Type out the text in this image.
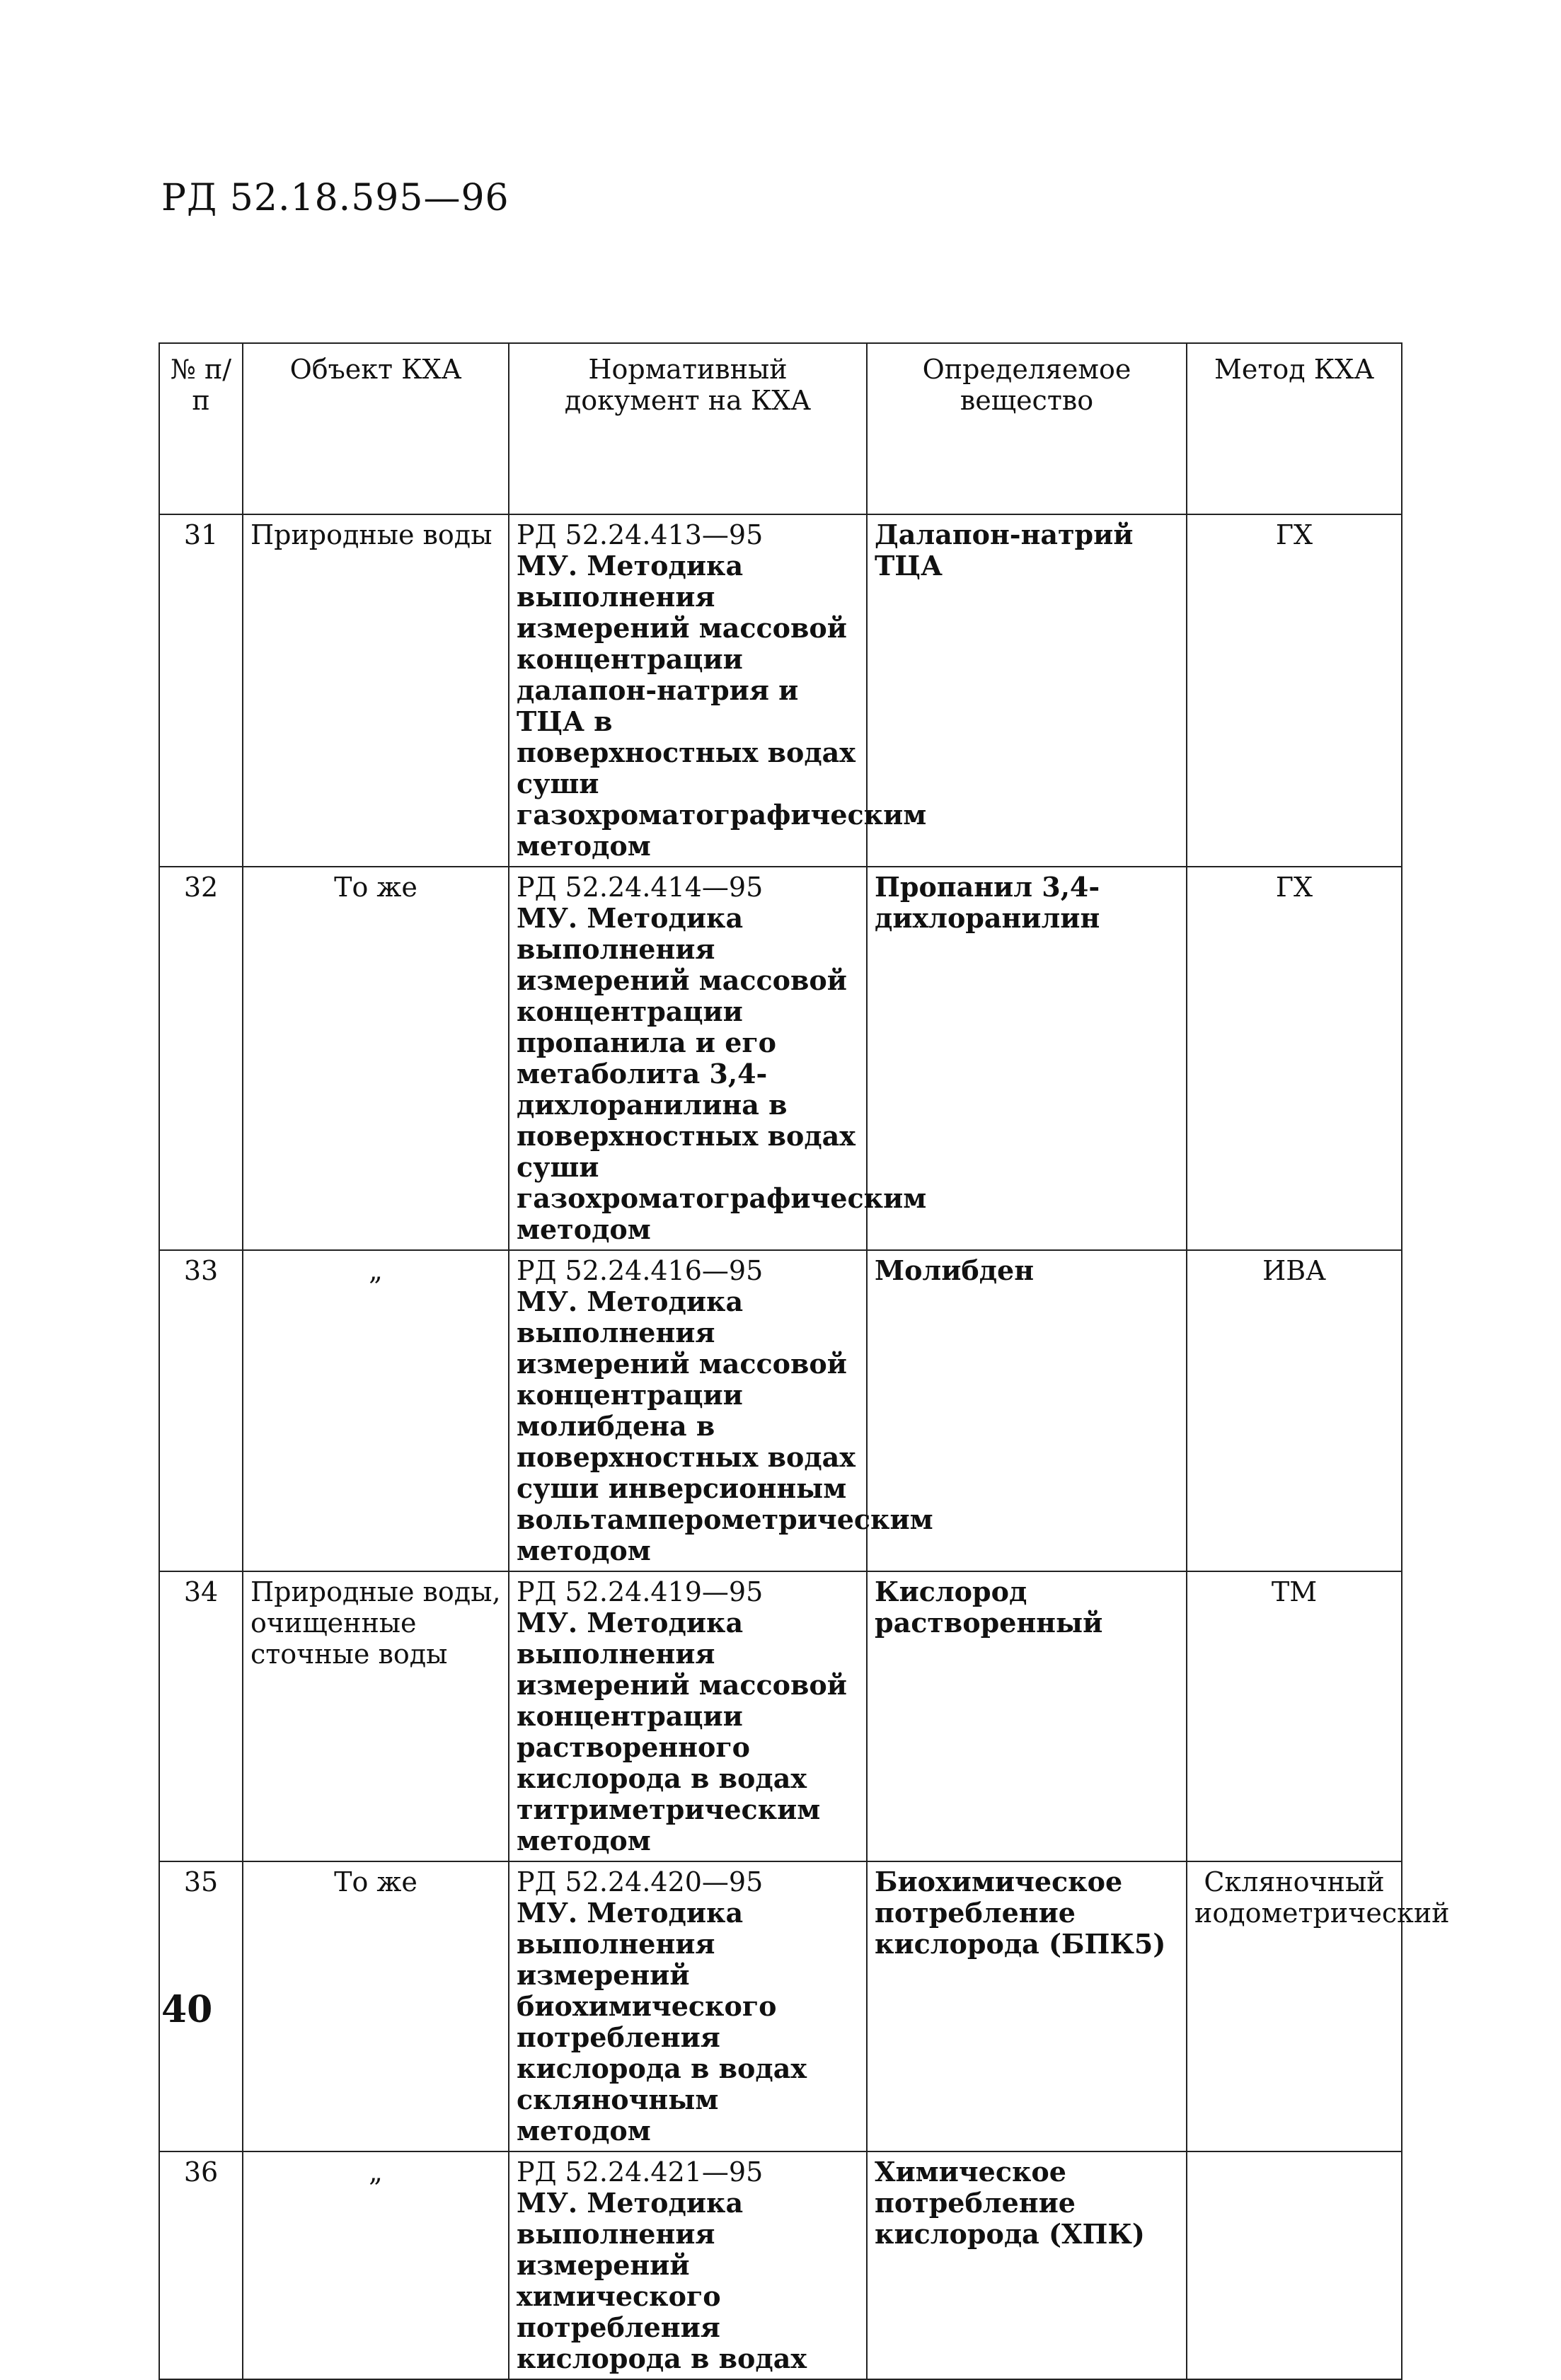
РД 52.18.595—96
№ п/п	Объект КХА	Нормативный документ на КХА	Определяемое вещество	Метод КХА
31	Природные воды	РД 52.24.413—95
МУ. Методика выполнения измерений массовой концентрации далапон-натрия и ТЦА в поверхностных водах суши газохроматографическим методом	Далапон-натрий ТЦА	ГХ
32	То же	РД 52.24.414—95
МУ. Методика выполнения измерений массовой концентрации пропанила и его метаболита 3,4-дихлоранилина в поверхностных водах суши газохроматографическим методом	Пропанил 3,4-дихлоранилин	ГХ
33	„	РД 52.24.416—95
МУ. Методика выполнения измерений массовой концентрации молибдена в поверхностных водах суши инверсионным вольтамперометрическим методом	Молибден	ИВА
34	Природные воды, очищенные сточные воды	РД 52.24.419—95
МУ. Методика выполнения измерений массовой концентрации растворенного кислорода в водах титриметрическим методом	Кислород растворенный	ТМ
35	То же	РД 52.24.420—95
МУ. Методика выполнения измерений биохимического потребления кислорода в водах скляночным методом	Биохимическое потребление кислорода (БПК5)	Скляночный иодометрический
36	„	РД 52.24.421—95
МУ. Методика выполнения измерений химического потребления кислорода в водах	Химическое потребление кислорода (ХПК)	
40
